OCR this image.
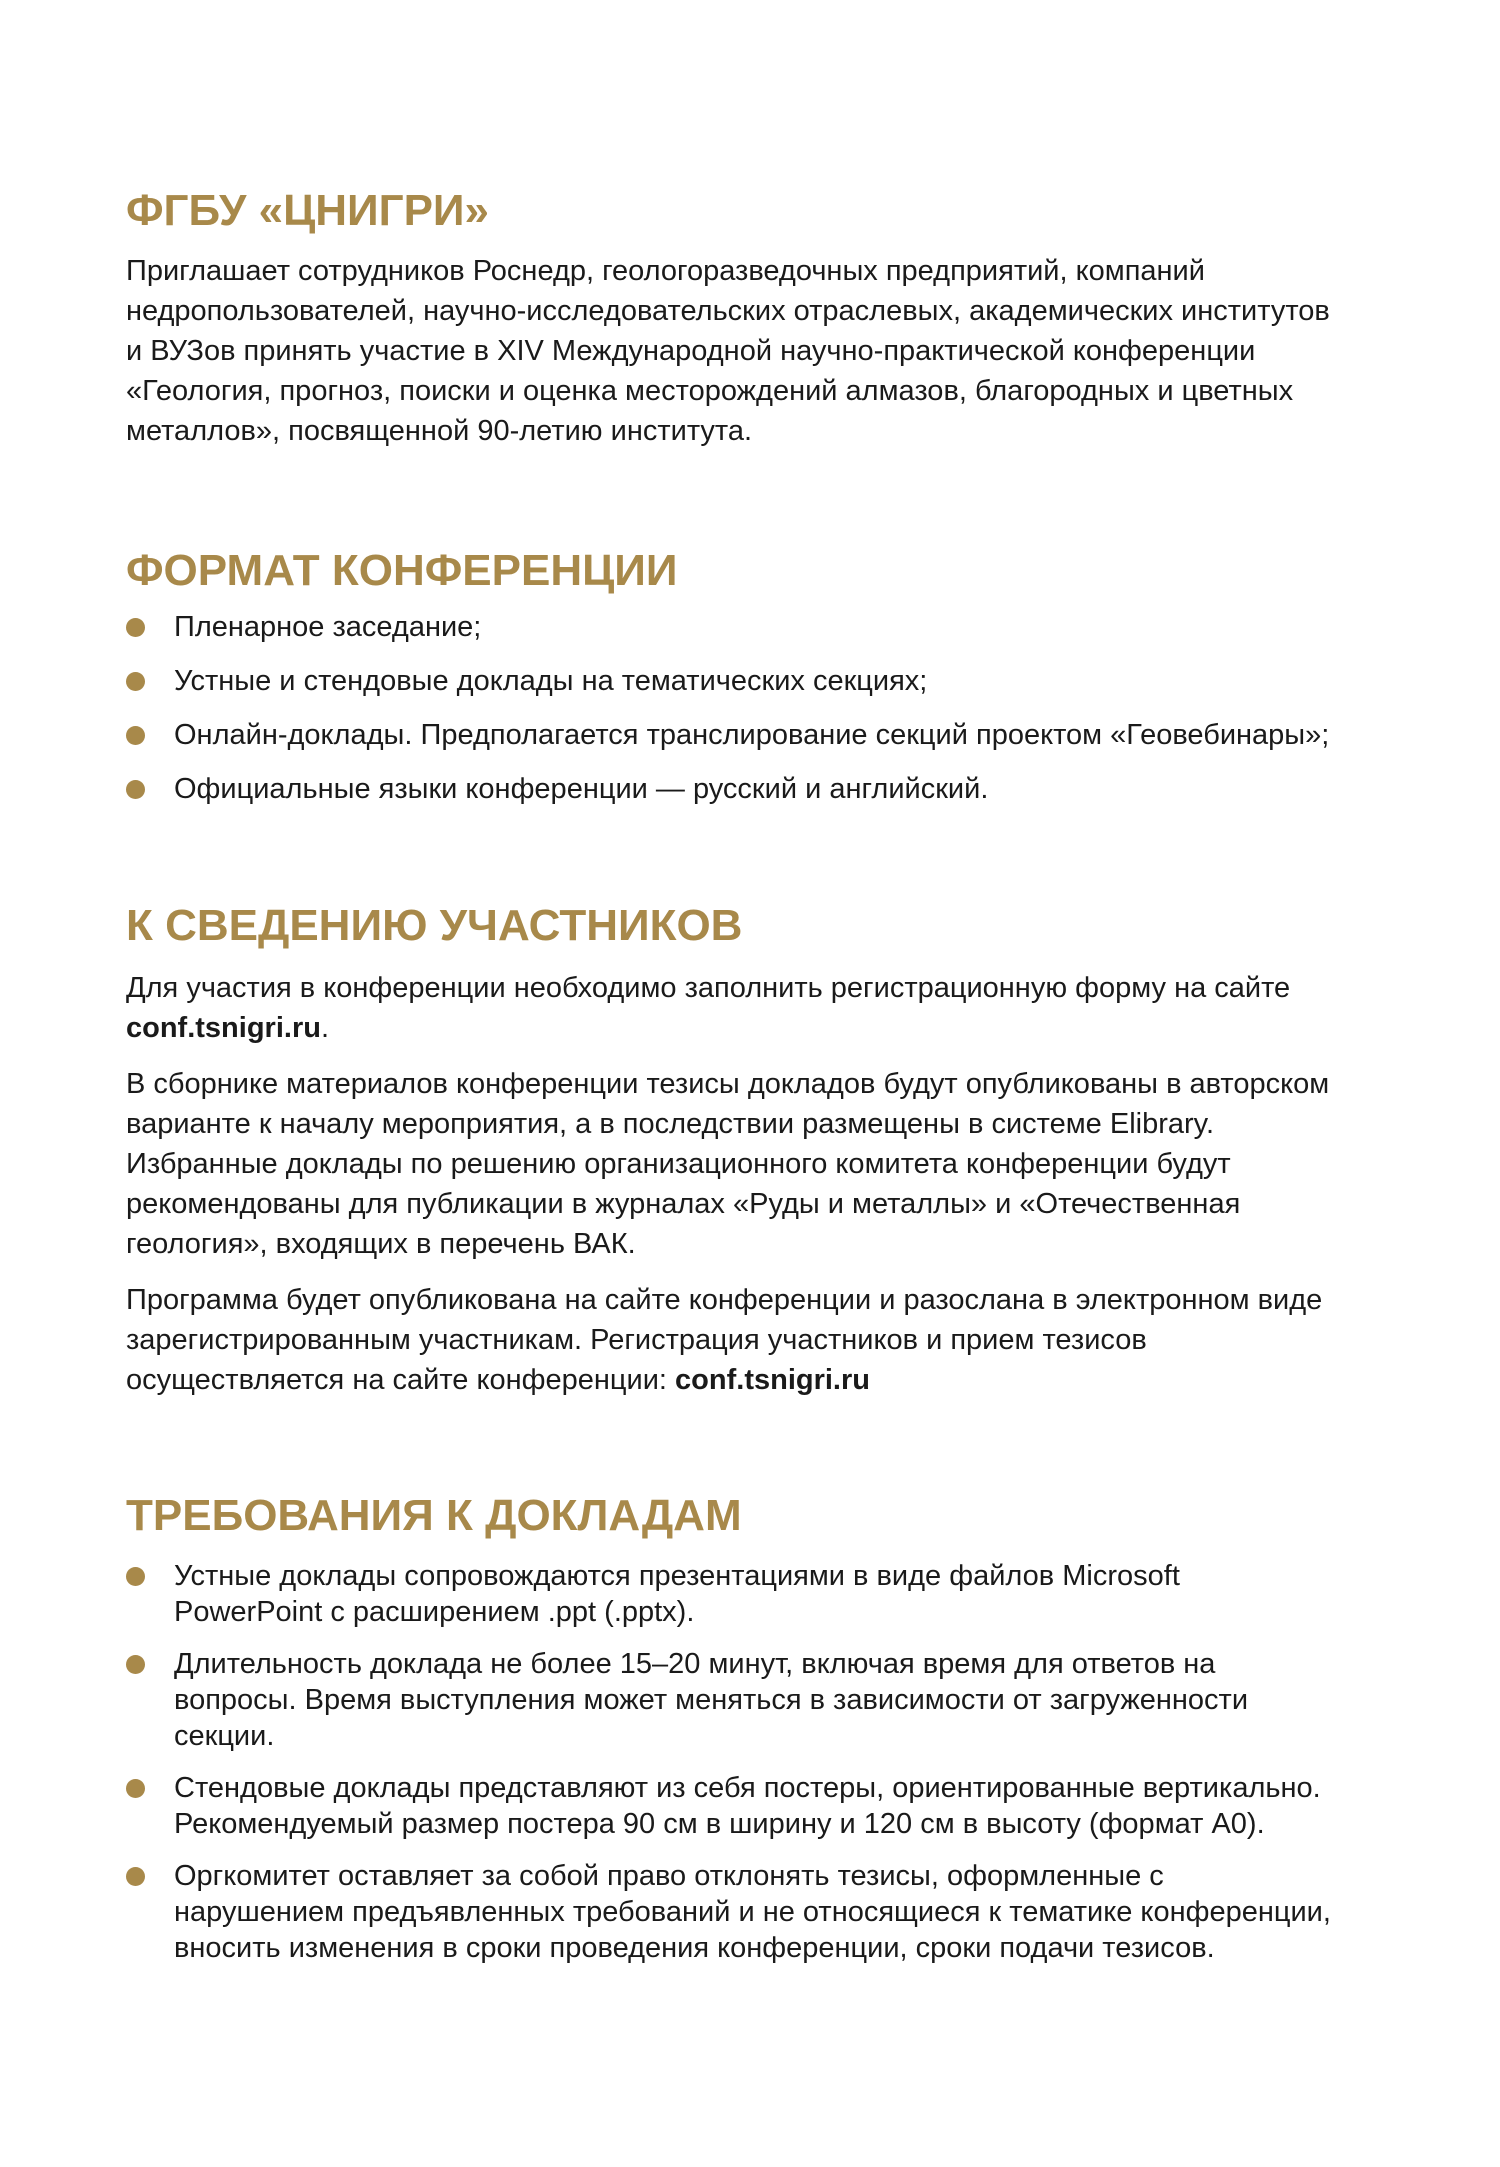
ФГБУ «ЦНИГРИ»

Приглашает сотрудников Роснедр, геологоразведочных предприятий, компаний

недропользователей, научно-исследовательских отраслевых, академических институтов

и ВУЗов принять участие в XIV Международной научно-практической конференции

«Геология, прогноз, поиски и оценка месторождений алмазов, благородных и цветных

металлов», посвященной 90-летию института.

ФОРМАТ КОНФЕРЕНЦИИ
Пленарное заседание;
Устные и стендовые доклады на тематических секциях;
Онлайн-доклады. Предполагается транслирование секций проектом «Геовебинары»;
Официальные языки конференции — русский и английский.
К СВЕДЕНИЮ УЧАСТНИКОВ

Для участия в конференции необходимо заполнить регистрационную форму на сайте

conf.tsnigri.ru.

В сборнике материалов конференции тезисы докладов будут опубликованы в авторском

варианте к началу мероприятия, а в последствии размещены в системе Elibrary.

Избранные доклады по решению организационного комитета конференции будут

рекомендованы для публикации в журналах «Руды и металлы» и «Отечественная

геология», входящих в перечень ВАК.

Программа будет опубликована на сайте конференции и разослана в электронном виде

зарегистрированным участникам. Регистрация участников и прием тезисов

осуществляется на сайте конференции: conf.tsnigri.ru

ТРЕБОВАНИЯ К ДОКЛАДАМ
Устные доклады сопровождаются презентациями в виде файлов Microsoft
PowerPoint с расширением .ppt (.pptx).
Длительность доклада не более 15–20 минут, включая время для ответов на
вопросы. Время выступления может меняться в зависимости от загруженности
секции.
Стендовые доклады представляют из себя постеры, ориентированные вертикально.
Рекомендуемый размер постера 90 см в ширину и 120 см в высоту (формат А0).
Оргкомитет оставляет за собой право отклонять тезисы, оформленные с
нарушением предъявленных требований и не относящиеся к тематике конференции,
вносить изменения в сроки проведения конференции, сроки подачи тезисов.
